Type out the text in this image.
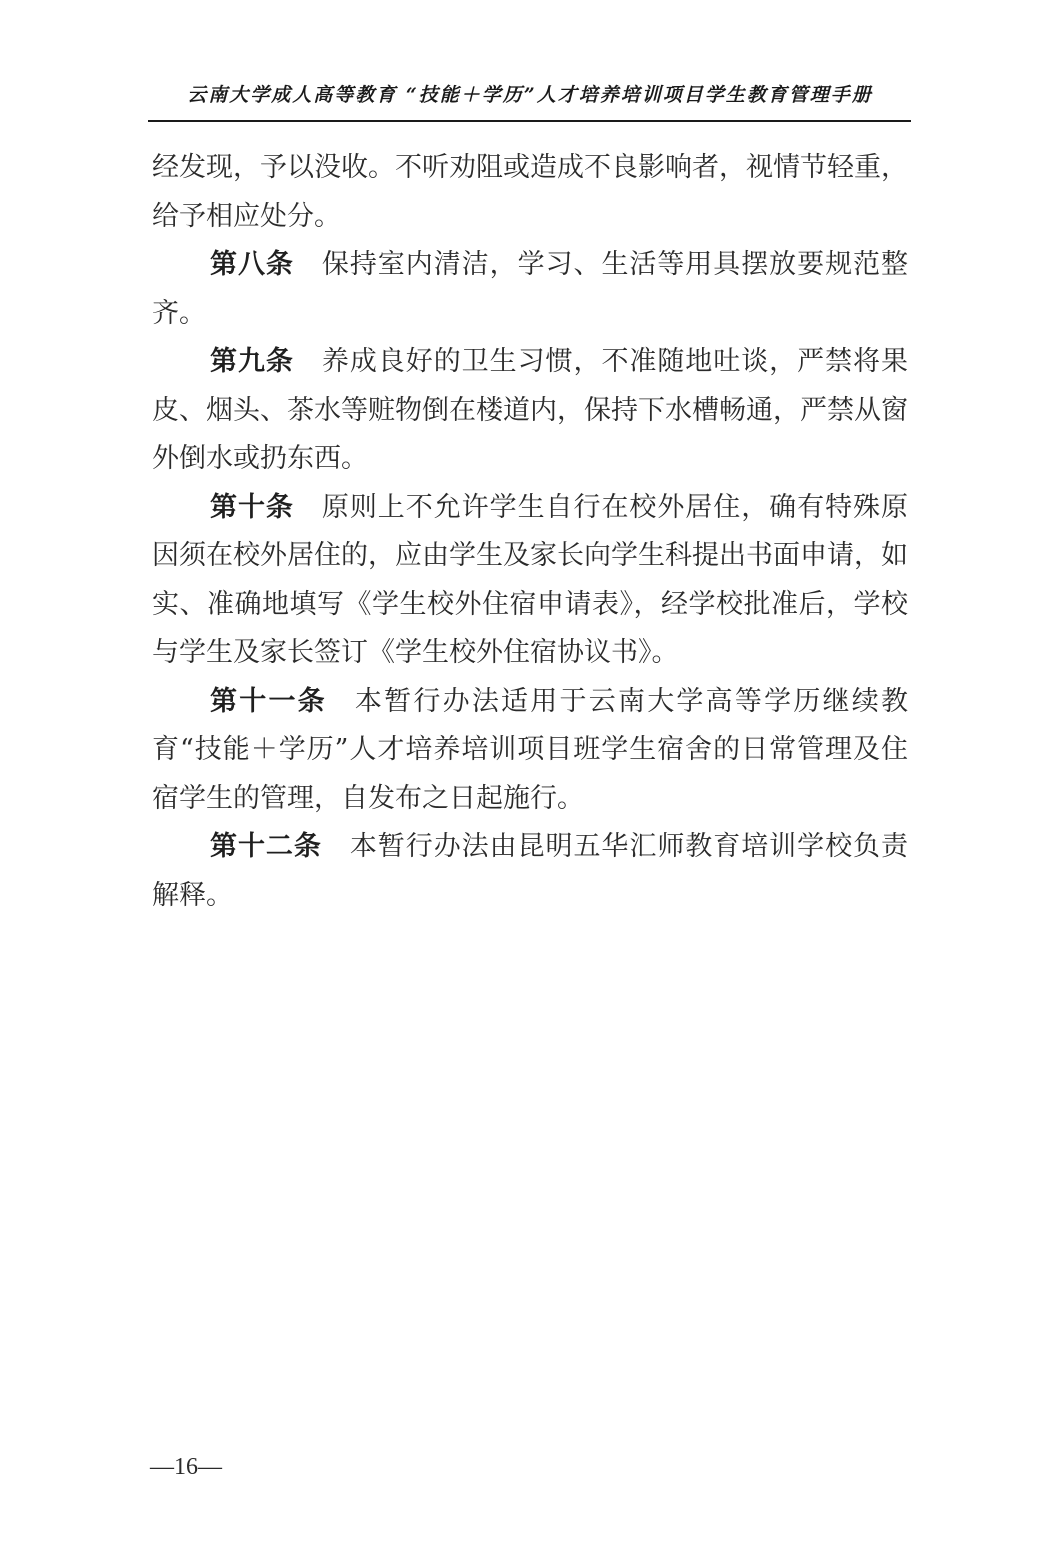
云南大学成人高等教育 “技能＋学历”人才培养培训项目学生教育管理手册

经发现，予以没收。不听劝阻或造成不良影响者，视情节轻重，给予相应处分。

第八条 保持室内清洁，学习、生活等用具摆放要规范整齐。

第九条 养成良好的卫生习惯，不准随地吐谈，严禁将果皮、烟头、茶水等赃物倒在楼道内，保持下水槽畅通，严禁从窗外倒水或扔东西。

第十条 原则上不允许学生自行在校外居住，确有特殊原因须在校外居住的，应由学生及家长向学生科提出书面申请，如实、准确地填写《学生校外住宿申请表》，经学校批准后，学校与学生及家长签订《学生校外住宿协议书》。

第十一条 本暂行办法适用于云南大学高等学历继续教育“技能＋学历”人才培养培训项目班学生宿舍的日常管理及住宿学生的管理，自发布之日起施行。

第十二条 本暂行办法由昆明五华汇师教育培训学校负责解释。

—16—
